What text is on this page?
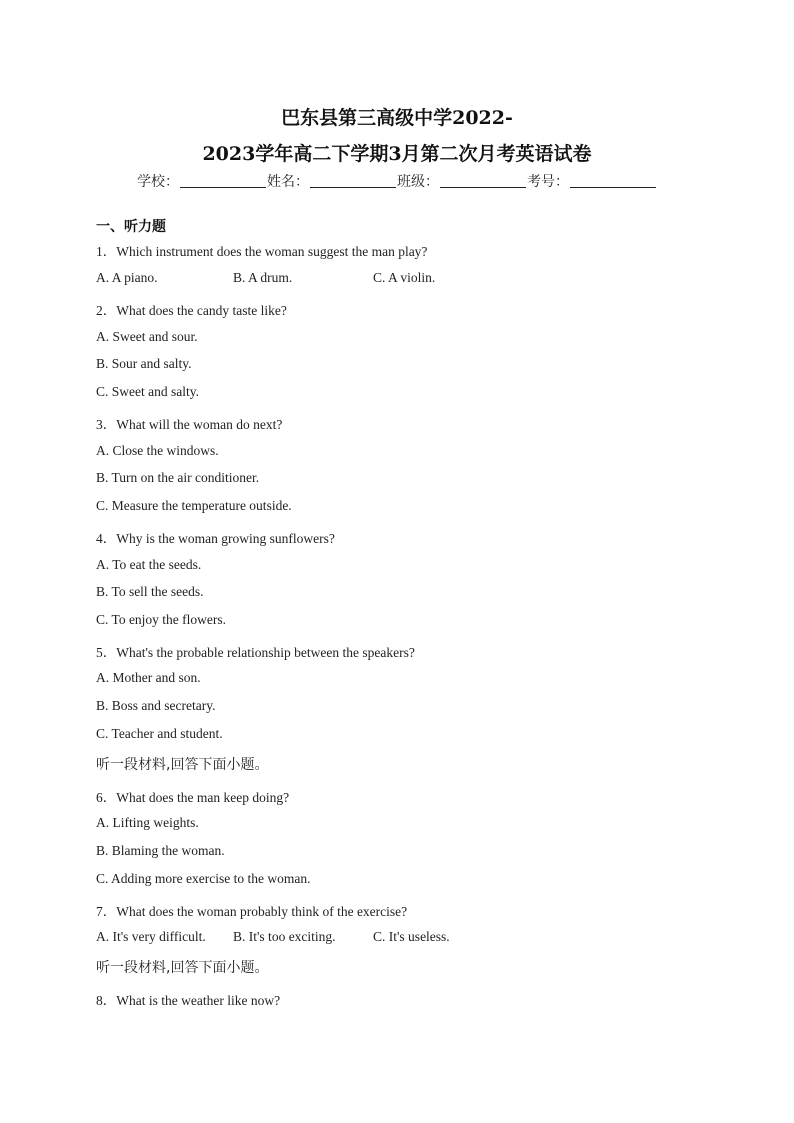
巴东县第三高级中学2022-
2023学年高二下学期3月第二次月考英语试卷
学校：	姓名：	班级：	考号：
一、听力题
1．Which instrument does the woman suggest the man play?
A. A piano.	B. A drum.	C. A violin.
2．What does the candy taste like?
A. Sweet and sour.
B. Sour and salty.
C. Sweet and salty.
3．What will the woman do next?
A. Close the windows.
B. Turn on the air conditioner.
C. Measure the temperature outside.
4．Why is the woman growing sunflowers?
A. To eat the seeds.
B. To sell the seeds.
C. To enjoy the flowers.
5．What's the probable relationship between the speakers?
A. Mother and son.
B. Boss and secretary.
C. Teacher and student.
听一段材料,回答下面小题。
6．What does the man keep doing?
A. Lifting weights.
B. Blaming the woman.
C. Adding more exercise to the woman.
7．What does the woman probably think of the exercise?
A. It's very difficult. B. It's too exciting.	C. It's useless.
听一段材料,回答下面小题。
8．What is the weather like now?
